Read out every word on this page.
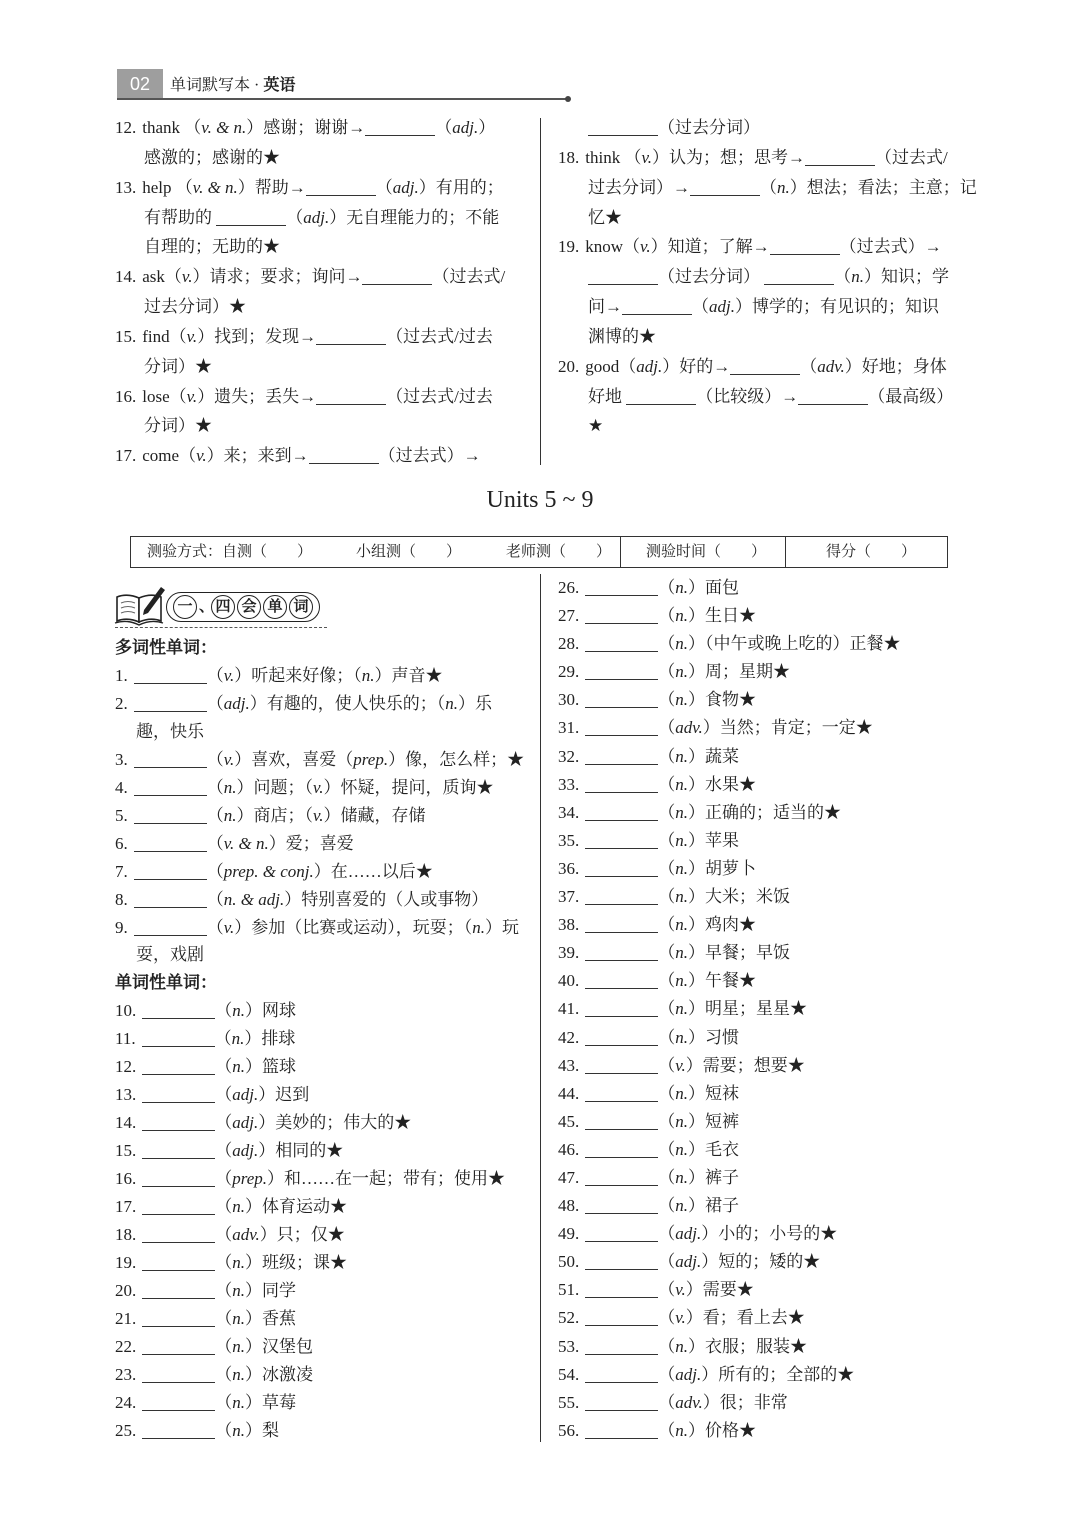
02	单词默写本 · 英语
12. thank （v. & n.）感谢；谢谢→	（adj.）
感激的；感谢的★
13. help （v. & n.）帮助→	（adj.）有用的；
有帮助的	（adj.）无自理能力的；不能
自理的；无助的★
14. ask（v.）请求；要求；询问→	（过去式/
过去分词）★
15. find（v.）找到；发现→	（过去式/过去
分词）★
16. lose（v.）遗失；丢失→	（过去式/过去
分词）★
17. come（v.）来；来到→	（过去式）→
（过去分词）
18. think （v.）认为；想；思考→	（过去式/
过去分词）→	（n.）想法；看法；主意；记
忆★
19. know（v.）知道；了解→	（过去式）→
（过去分词）	（n.）知识；学
问→	（adj.）博学的；有见识的；知识
渊博的★
20. good（adj.）好的→	（adv.）好地；身体
好地	（比较级）→	（最高级）
★
Units 5 ~ 9
测验方式：自测（　　）	小组测（　　）	老师测（　　） 测验时间（　　）	得分（　　）
一 、 四 会 单 词
多词性单词：
1.	（v.）听起来好像；（n.）声音★
2.	（adj.）有趣的，使人快乐的；（n.）乐
趣，快乐
3.	（v.）喜欢，喜爱（prep.）像，怎么样；★
4.	（n.）问题；（v.）怀疑，提问，质询★
5.	（n.）商店；（v.）储藏，存储
6.	（v. & n.）爱；喜爱
7.	（prep. & conj.）在……以后★
8.	（n. & adj.）特别喜爱的（人或事物）
9.	（v.）参加（比赛或运动），玩耍；（n.）玩
耍，戏剧
单词性单词：
10.	（n.）网球
11.	（n.）排球
12.	（n.）篮球
13.	（adj.）迟到
14.	（adj.）美妙的；伟大的★
15.	（adj.）相同的★
16.	（prep.）和……在一起；带有；使用★
17.	（n.）体育运动★
18.	（adv.）只；仅★
19.	（n.）班级；课★
20.	（n.）同学
21.	（n.）香蕉
22.	（n.）汉堡包
23.	（n.）冰激凌
24.	（n.）草莓
25.	（n.）梨
26.	（n.）面包
27.	（n.）生日★
28.	（n.）（中午或晚上吃的）正餐★
29.	（n.）周；星期★
30.	（n.）食物★
31.	（adv.）当然；肯定；一定★
32.	（n.）蔬菜
33.	（n.）水果★
34.	（n.）正确的；适当的★
35.	（n.）苹果
36.	（n.）胡萝卜
37.	（n.）大米；米饭
38.	（n.）鸡肉★
39.	（n.）早餐；早饭
40.	（n.）午餐★
41.	（n.）明星；星星★
42.	（n.）习惯
43.	（v.）需要；想要★
44.	（n.）短袜
45.	（n.）短裤
46.	（n.）毛衣
47.	（n.）裤子
48.	（n.）裙子
49.	（adj.）小的；小号的★
50.	（adj.）短的；矮的★
51.	（v.）需要★
52.	（v.）看；看上去★
53.	（n.）衣服；服装★
54.	（adj.）所有的；全部的★
55.	（adv.）很；非常
56.	（n.）价格★
